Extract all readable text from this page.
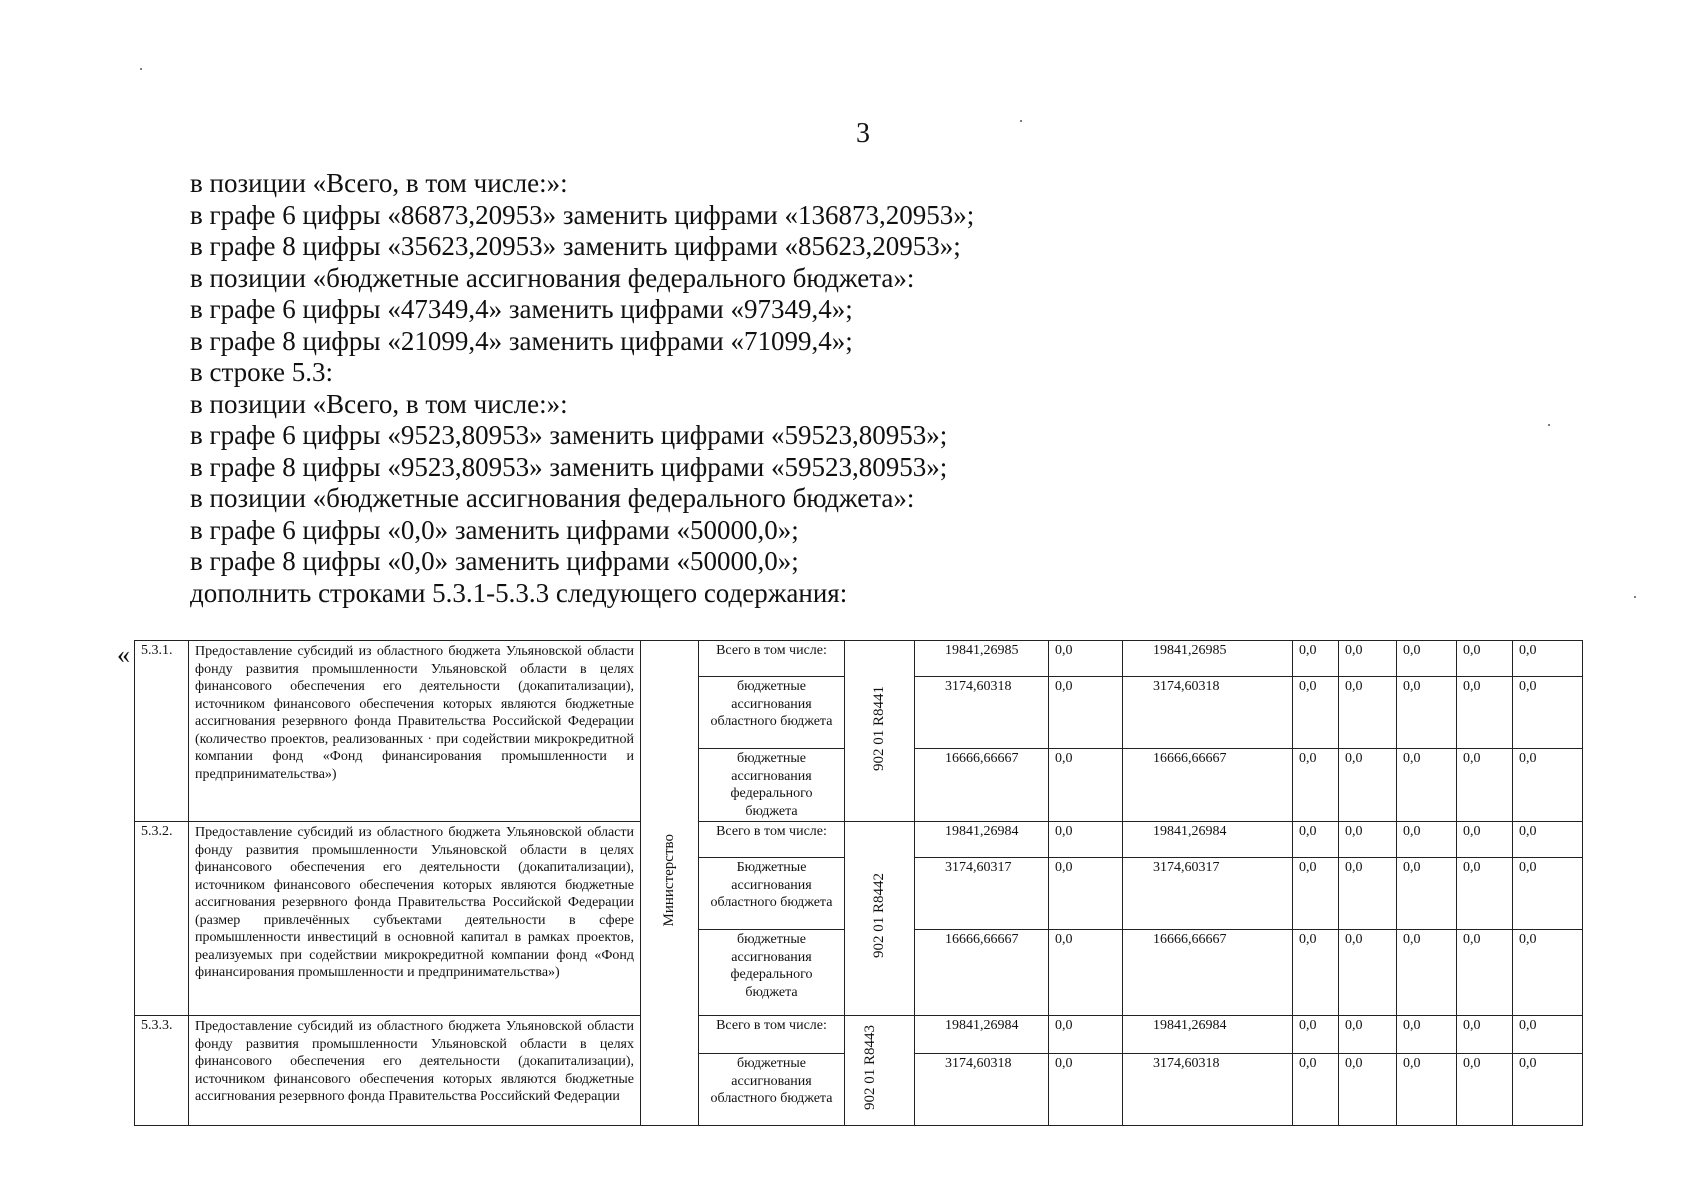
3
в позиции «Всего, в том числе:»:
в графе 6 цифры «86873,20953» заменить цифрами «136873,20953»;
в графе 8 цифры «35623,20953» заменить цифрами «85623,20953»;
в позиции «бюджетные ассигнования федерального бюджета»:
в графе 6 цифры «47349,4» заменить цифрами «97349,4»;
в графе 8 цифры «21099,4» заменить цифрами «71099,4»;
в строке 5.3:
в позиции «Всего, в том числе:»:
в графе 6 цифры «9523,80953» заменить цифрами «59523,80953»;
в графе 8 цифры «9523,80953» заменить цифрами «59523,80953»;
в позиции «бюджетные ассигнования федерального бюджета»:
в графе 6 цифры «0,0» заменить цифрами «50000,0»;
в графе 8 цифры «0,0» заменить цифрами «50000,0»;
дополнить строками 5.3.1-5.3.3 следующего содержания:
« 5.3.1.	Предоставление субсидий из областного бюджета Ульяновской области фонду развития промышленности Ульяновской области в целях финансового обеспечения его деятельности (докапитализации), источником финансового обеспечения которых являются бюджетные ассигнования резервного фонда Правительства Российской Федерации (количество проектов, реализованных · при содействии микрокредитной компании фонд «Фонд финансирования промышленности и предпринимательства»)	Министерство	Всего в том числе:	902 01 R8441	19841,26985	0,0	19841,26985	0,0	0,0	0,0	0,0	0,0
			бюджетные ассигнования областного бюджета		3174,60318	0,0	3174,60318	0,0	0,0	0,0	0,0	0,0
			бюджетные ассигнования федерального бюджета		16666,66667	0,0	16666,66667	0,0	0,0	0,0	0,0	0,0
5.3.2.	Предоставление субсидий из областного бюджета Ульяновской области фонду развития промышленности Ульяновской области в целях финансового обеспечения его деятельности (докапитализации), источником финансового обеспечения которых являются бюджетные ассигнования резервного фонда Правительства Российской Федерации (размер привлечённых субъектами деятельности в сфере промышленности инвестиций в основной капитал в рамках проектов, реализуемых при содействии микрокредитной компании фонд «Фонд финансирования промышленности и предпринимательства»)		Всего в том числе:	902 01 R8442	19841,26984	0,0	19841,26984	0,0	0,0	0,0	0,0	0,0
			Бюджетные ассигнования областного бюджета		3174,60317	0,0	3174,60317	0,0	0,0	0,0	0,0	0,0
			бюджетные ассигнования федерального бюджета		16666,66667	0,0	16666,66667	0,0	0,0	0,0	0,0	0,0
5.3.3.	Предоставление субсидий из областного бюджета Ульяновской области фонду развития промышленности Ульяновской области в целях финансового обеспечения его деятельности (докапитализации), источником финансового обеспечения которых являются бюджетные ассигнования резервного фонда Правительства Российский Федерации		Всего в том числе:	902 01 R8443	19841,26984	0,0	19841,26984	0,0	0,0	0,0	0,0	0,0
			бюджетные ассигнования областного бюджета		3174,60318	0,0	3174,60318	0,0	0,0	0,0	0,0	0,0
